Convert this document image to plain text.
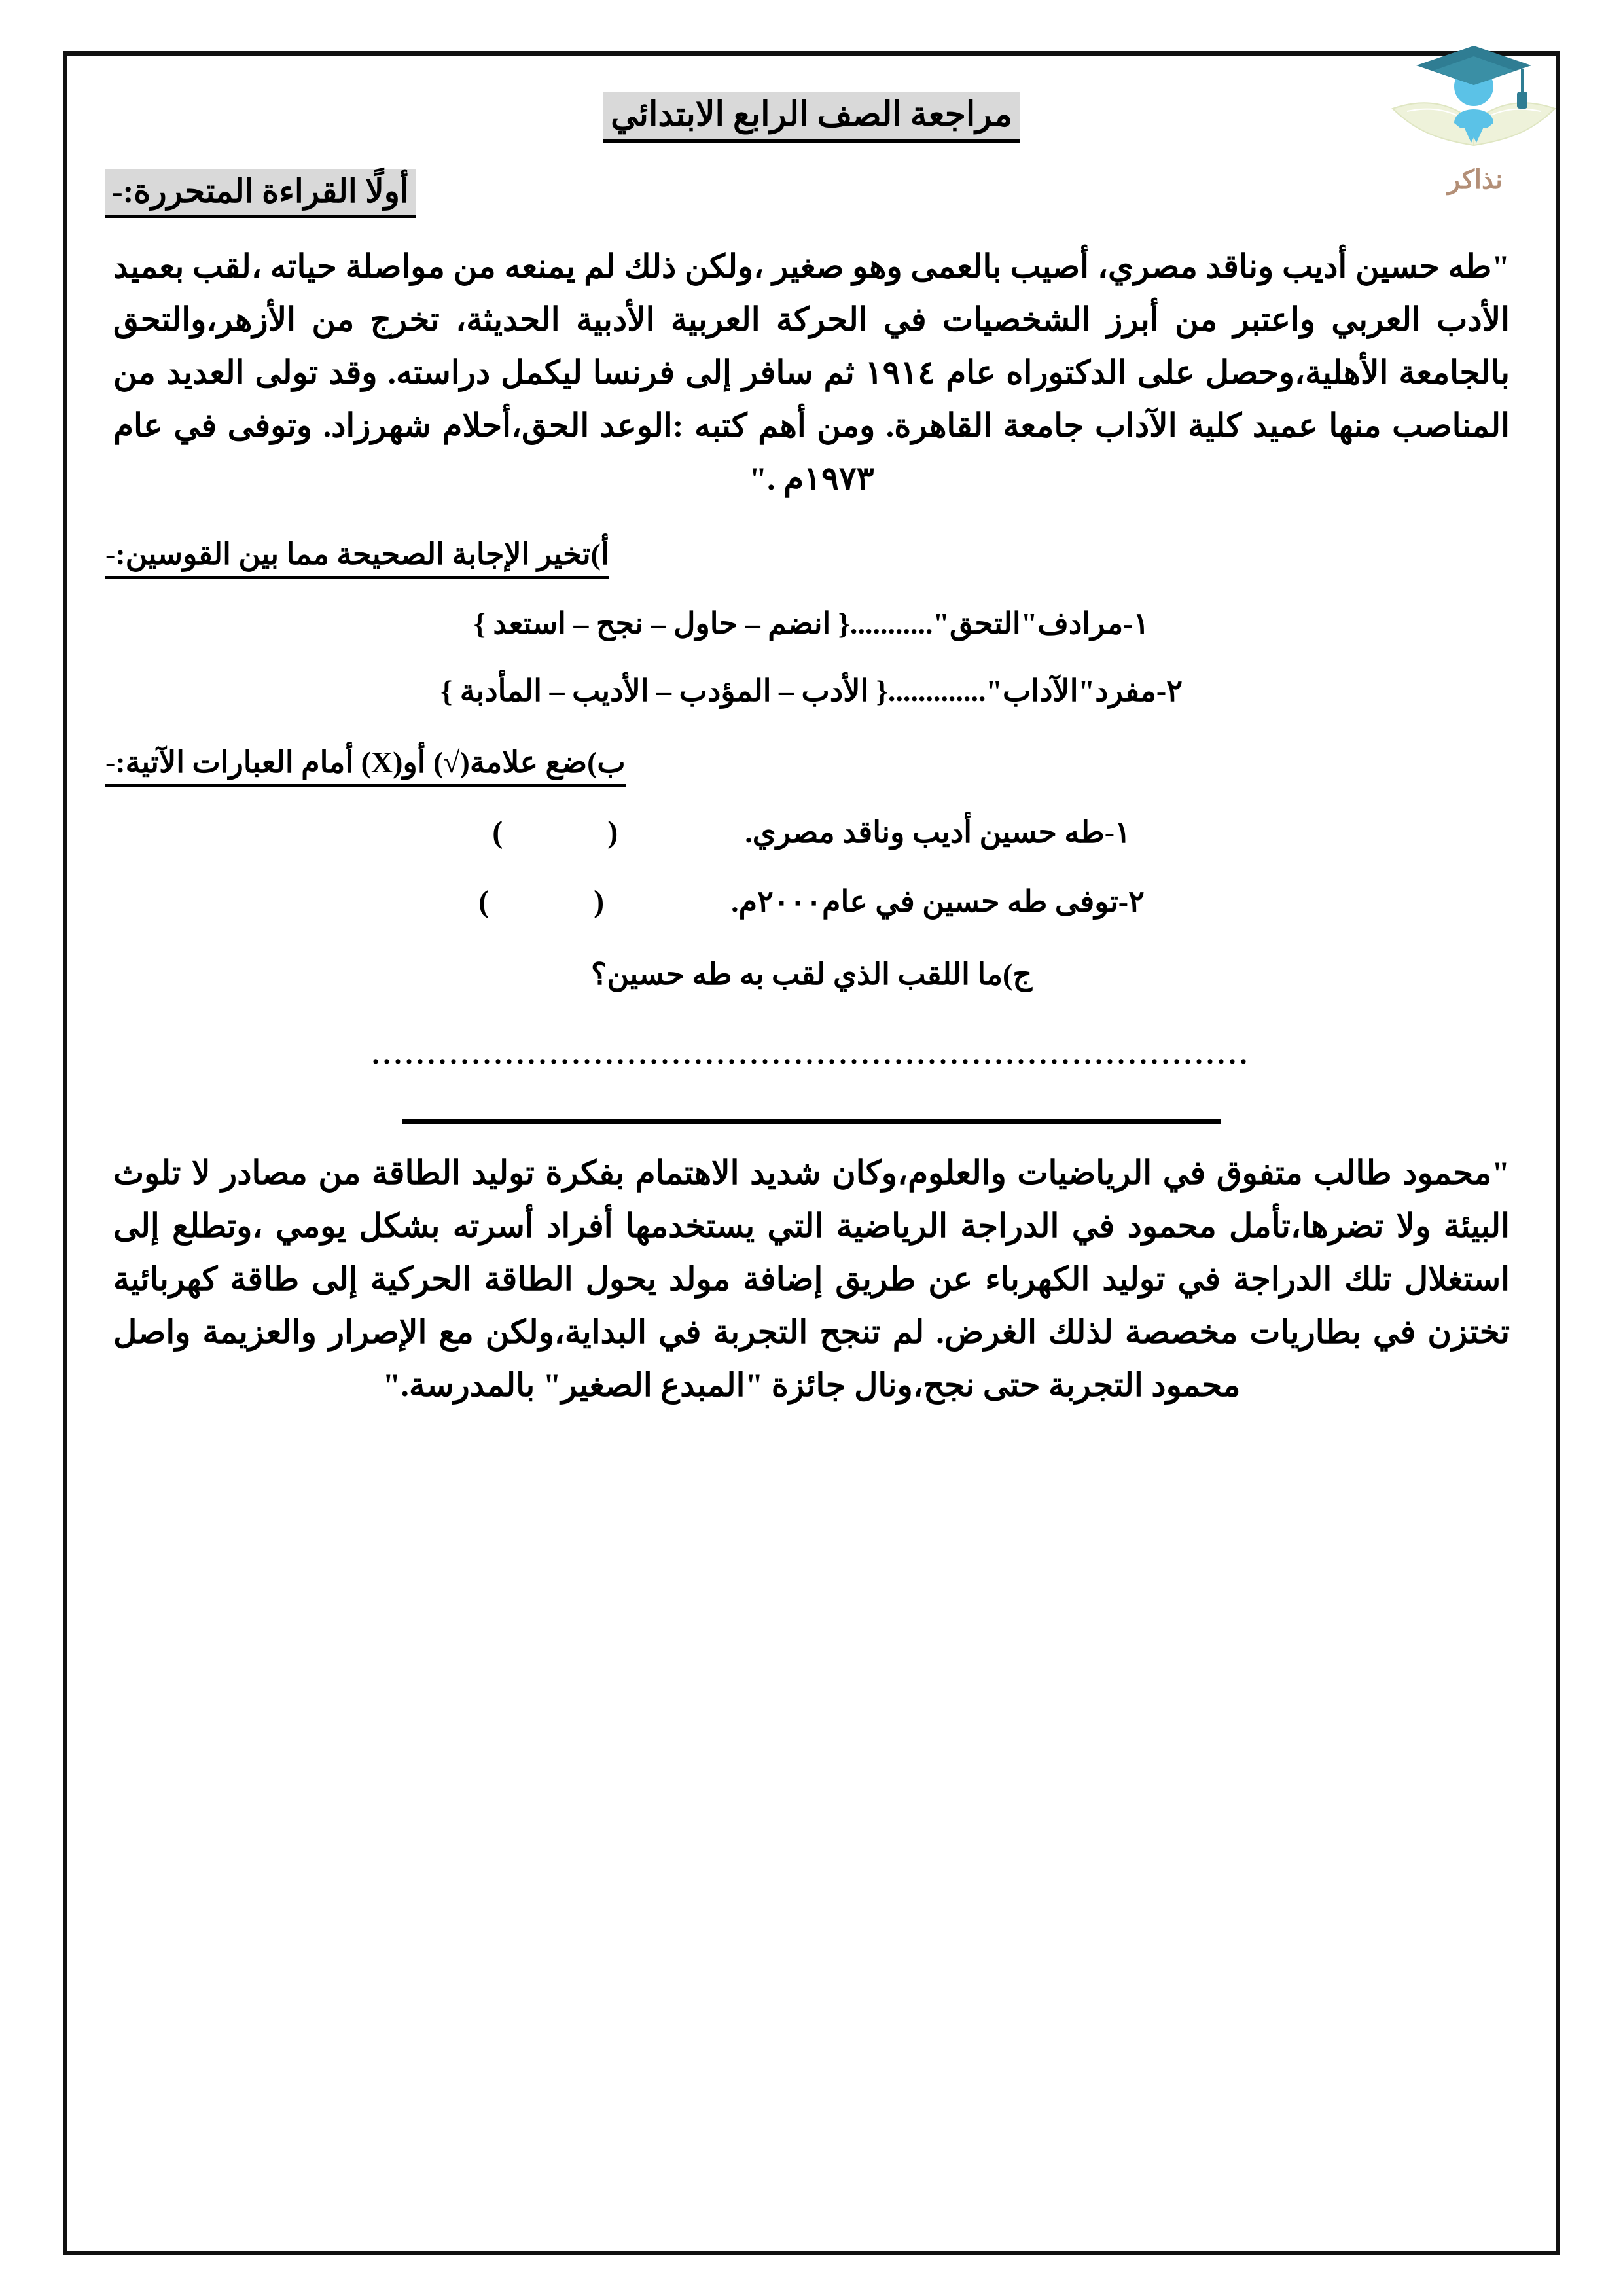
مراجعة الصف الرابع الابتدائي
أولًا القراءة المتحررة:-

"طه حسين أديب وناقد مصري، أصيب بالعمى وهو صغير ،ولكن ذلك لم يمنعه من مواصلة حياته ،لقب بعميد الأدب العربي واعتبر من أبرز الشخصيات في الحركة العربية الأدبية الحديثة، تخرج من الأزهر،والتحق بالجامعة الأهلية،وحصل على الدكتوراه عام ١٩١٤ ثم سافر إلى فرنسا ليكمل دراسته. وقد تولى العديد من المناصب منها عميد كلية الآداب جامعة القاهرة. ومن أهم كتبه :الوعد الحق،أحلام شهرزاد. وتوفى في عام ١٩٧٣م ."

أ)تخير الإجابة الصحيحة مما بين القوسين:-
١-مرادف"التحق"...........{ انضم – حاول – نجح – استعد }
٢-مفرد"الآداب".............{ الأدب – المؤدب – الأديب – المأدبة }
ب)ضع علامة(√) أو(X) أمام العبارات الآتية:-
١-طه حسين أديب وناقد مصري.
( )
٢-توفى طه حسين في عام٢٠٠٠م.
( )
ج)ما اللقب الذي لقب به طه حسين؟
...............................................................................

"محمود طالب متفوق في الرياضيات والعلوم،وكان شديد الاهتمام بفكرة توليد الطاقة من مصادر لا تلوث البيئة ولا تضرها،تأمل محمود في الدراجة الرياضية التي يستخدمها أفراد أسرته بشكل يومي ،وتطلع إلى استغلال تلك الدراجة في توليد الكهرباء عن طريق إضافة مولد يحول الطاقة الحركية إلى طاقة كهربائية تختزن في بطاريات مخصصة لذلك الغرض. لم تنجح التجربة في البداية،ولكن مع الإصرار والعزيمة واصل محمود التجربة حتى نجح،ونال جائزة "المبدع الصغير" بالمدرسة."

نذاكر
